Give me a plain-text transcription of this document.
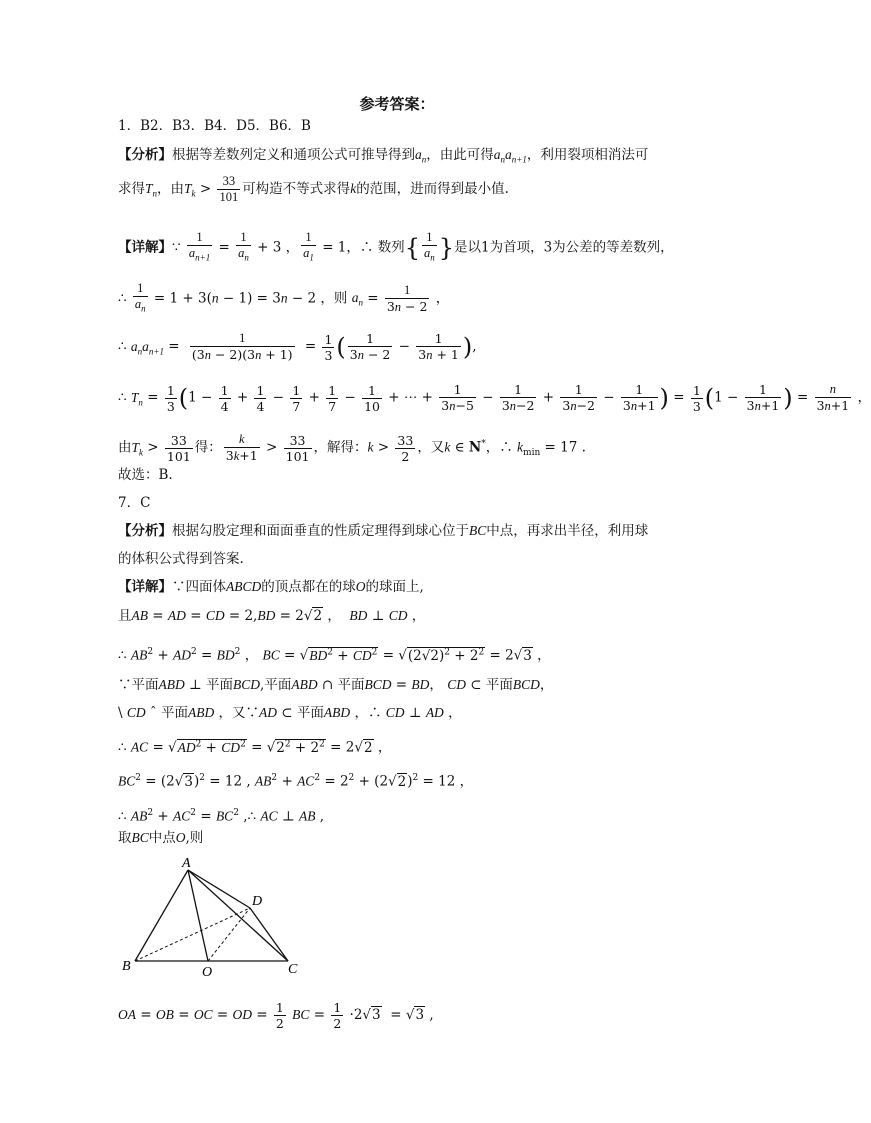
参考答案：
1．B2．B3．B4．D5．B6．B
【分析】根据等差数列定义和通项公式可推导得到$a_n$，由此可得$a_na_{n+1}$，利用裂项相消法可
求得$T_n$，由$T_k > \frac{33}{101}$ 可构造不等式求得k的范围，进而得到最小值.
【详解】∵ $\frac{1}{a_{n+1}} = \frac{1}{a_n} + 3$ ， $\frac{1}{a_1} = 1$，∴ 数列{ $\frac{1}{a_n}$ }是以1为首项，3为公差的等差数列，
∴ $\frac{1}{a_n} = 1 + 3(n - 1) = 3n - 2$ ，则 $a_n = \frac{1}{3n - 2}$ ，
∴ $a_na_{n+1} = \frac{1}{(3n - 2)(3n + 1)} = \frac{1}{3}$ ( $\frac{1}{3n - 2} - \frac{1}{3n + 1}$ ),
∴ $T_n = \frac{1}{3} (1 - \frac{1}{4} + \frac{1}{4} - \frac{1}{7} + \frac{1}{7} - \frac{1}{10}$ + ⋯ + $\frac{1}{3n-5} - \frac{1}{3n-2} + \frac{1}{3n-2} - \frac{1}{3n+1}$ ) = $\frac{1}{3} (1 - \frac{1}{3n+1}$ ) = $\frac{n}{3n+1}$ ，
由$T_k > \frac{33}{101}$ 得： $\frac{k}{3k+1} > \frac{33}{101}$ ，解得：$k > \frac{33}{2}$ ，又k ∈ N*，∴ $k_{min} = 17$ .
故选：B.
7．C
【分析】根据勾股定理和面面垂直的性质定理得到球心位于BC中点，再求出半径，利用球
的体积公式得到答案.
【详解】∵四面体ABCD的顶点都在的球O的球面上,
且AB = AD = CD = 2,BD = 2√2 ，  BD ⊥ CD ，
∴ $AB^2 + AD^2 = BD^2$ ， BC = $√BD^2 + CD^2 = √(2√2)^2 + 2^2 = 2√3$ ，
∵平面ABD ⊥ 平面BCD,平面ABD ∩ 平面BCD = BD， CD ⊂ 平面BCD，
\ CD ˆ 平面ABD ，又∵AD ⊂ 平面ABD ，∴ CD ⊥ AD ，
∴ AC = $√AD^2 + CD^2 = √2^2 + 2^2 = 2√2$ ，
$BC^2 = (2√3)^2 = 12$ , $AB^2 + AC^2 = 2^2 + (2√2)^2 = 12$ ，
∴ $AB^2 + AC^2 = BC^2$ ,∴ AC ⊥ AB ,
取BC中点O,则
A
B	C
D
O
OA = OB = OC = OD = $\frac{1}{2}$ BC = $\frac{1}{2} \cdot 2√3 = √3$ ,
